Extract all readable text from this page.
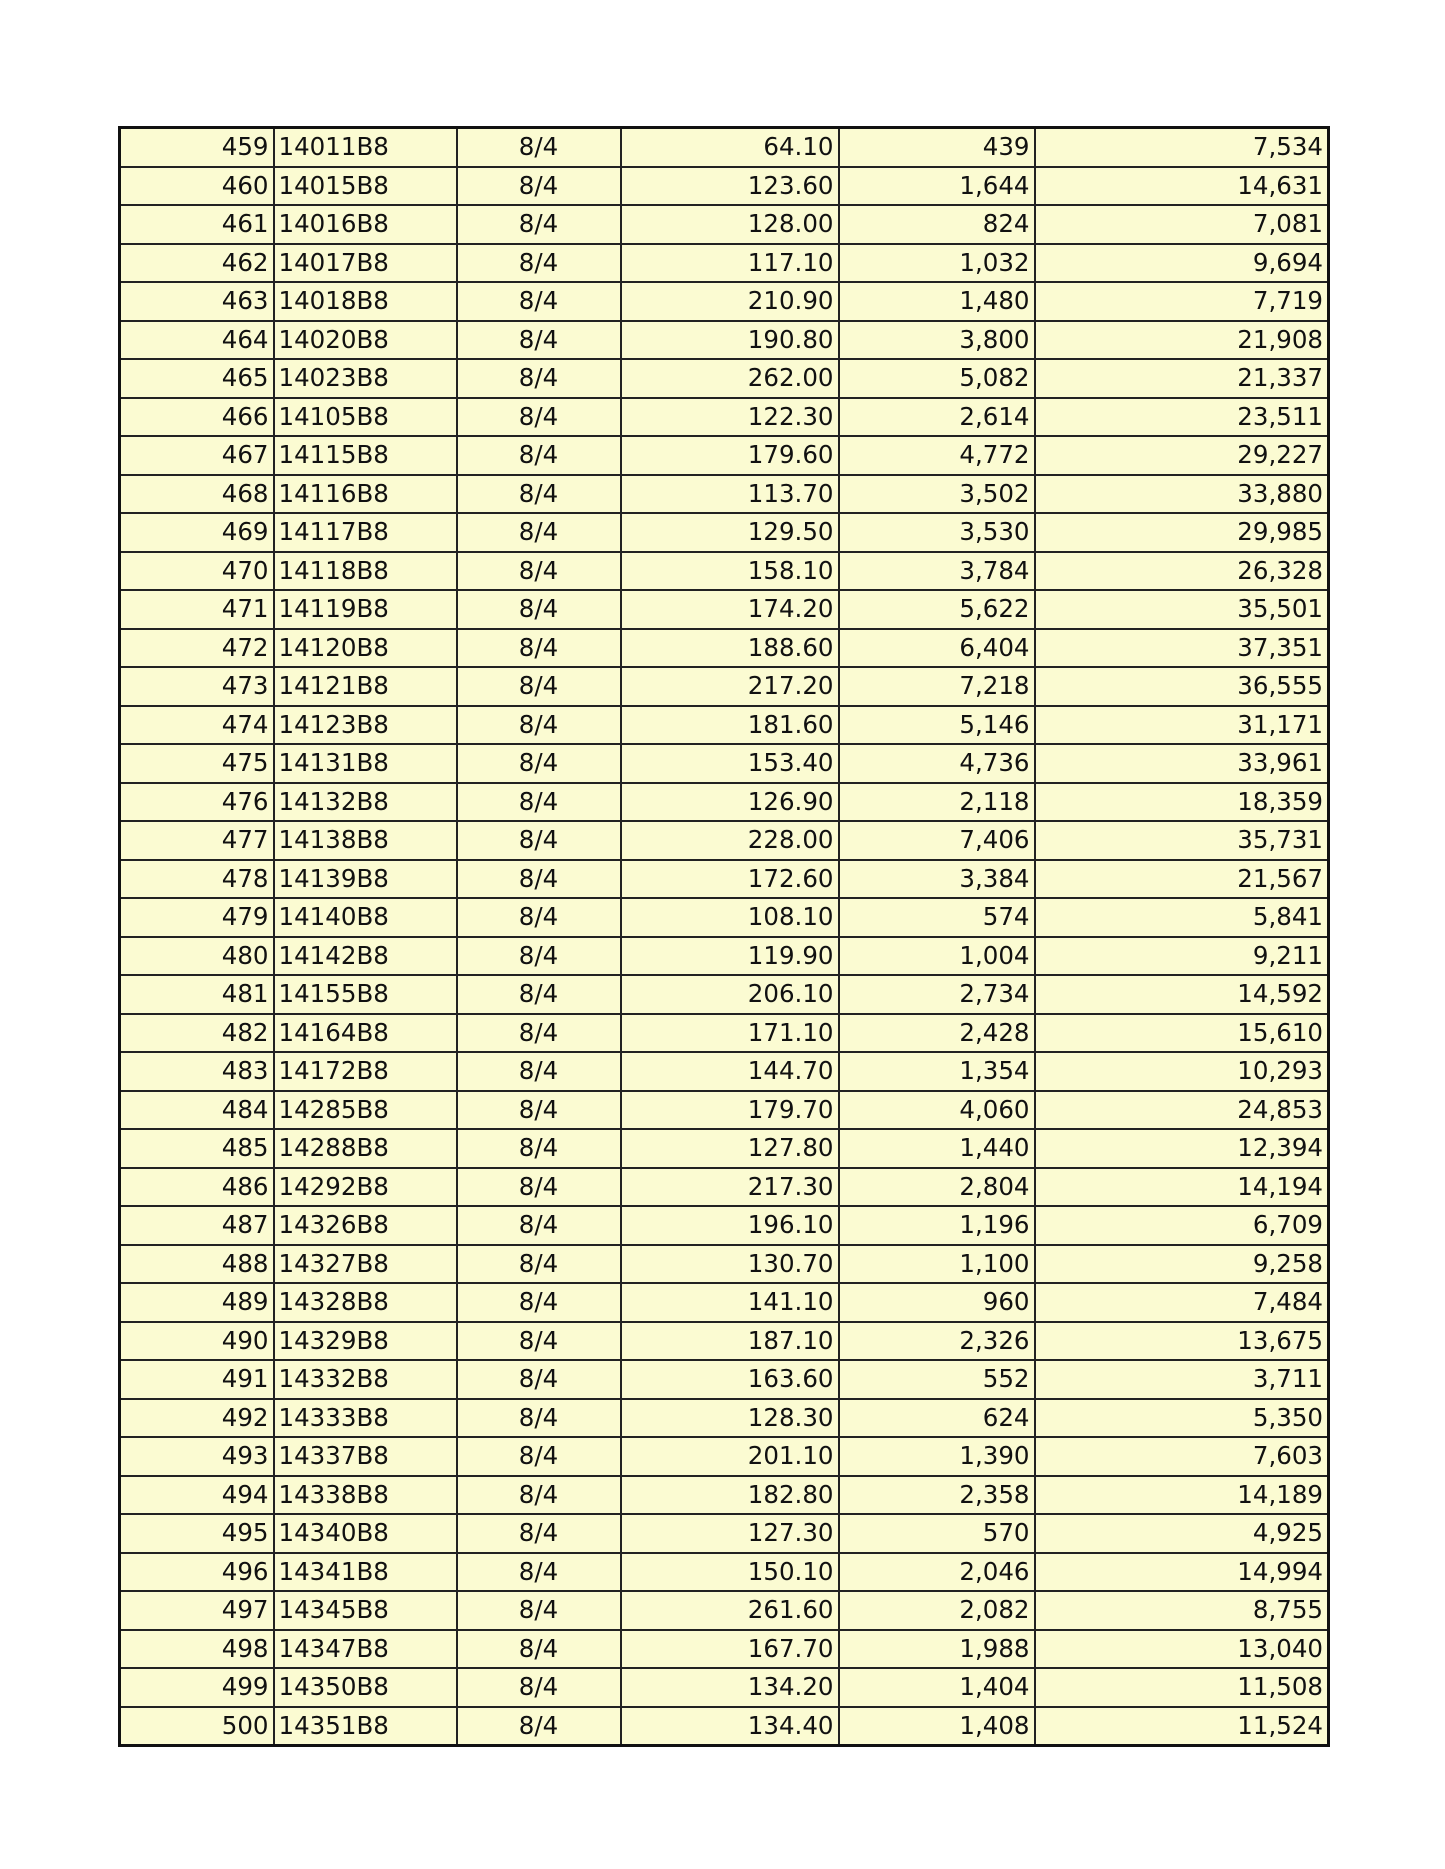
459	14011B8	8/4	64.10	439	7,534
460	14015B8	8/4	123.60	1,644	14,631
461	14016B8	8/4	128.00	824	7,081
462	14017B8	8/4	117.10	1,032	9,694
463	14018B8	8/4	210.90	1,480	7,719
464	14020B8	8/4	190.80	3,800	21,908
465	14023B8	8/4	262.00	5,082	21,337
466	14105B8	8/4	122.30	2,614	23,511
467	14115B8	8/4	179.60	4,772	29,227
468	14116B8	8/4	113.70	3,502	33,880
469	14117B8	8/4	129.50	3,530	29,985
470	14118B8	8/4	158.10	3,784	26,328
471	14119B8	8/4	174.20	5,622	35,501
472	14120B8	8/4	188.60	6,404	37,351
473	14121B8	8/4	217.20	7,218	36,555
474	14123B8	8/4	181.60	5,146	31,171
475	14131B8	8/4	153.40	4,736	33,961
476	14132B8	8/4	126.90	2,118	18,359
477	14138B8	8/4	228.00	7,406	35,731
478	14139B8	8/4	172.60	3,384	21,567
479	14140B8	8/4	108.10	574	5,841
480	14142B8	8/4	119.90	1,004	9,211
481	14155B8	8/4	206.10	2,734	14,592
482	14164B8	8/4	171.10	2,428	15,610
483	14172B8	8/4	144.70	1,354	10,293
484	14285B8	8/4	179.70	4,060	24,853
485	14288B8	8/4	127.80	1,440	12,394
486	14292B8	8/4	217.30	2,804	14,194
487	14326B8	8/4	196.10	1,196	6,709
488	14327B8	8/4	130.70	1,100	9,258
489	14328B8	8/4	141.10	960	7,484
490	14329B8	8/4	187.10	2,326	13,675
491	14332B8	8/4	163.60	552	3,711
492	14333B8	8/4	128.30	624	5,350
493	14337B8	8/4	201.10	1,390	7,603
494	14338B8	8/4	182.80	2,358	14,189
495	14340B8	8/4	127.30	570	4,925
496	14341B8	8/4	150.10	2,046	14,994
497	14345B8	8/4	261.60	2,082	8,755
498	14347B8	8/4	167.70	1,988	13,040
499	14350B8	8/4	134.20	1,404	11,508
500	14351B8	8/4	134.40	1,408	11,524
